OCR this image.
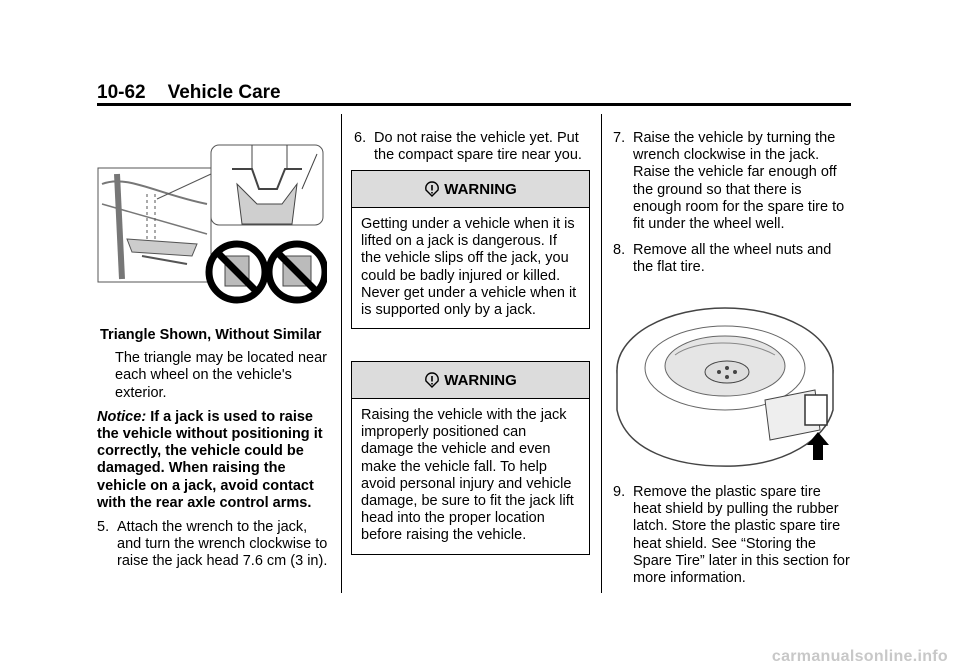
10-62 Vehicle Care
Triangle Shown, Without Similar
The triangle may be located near each wheel on the vehicle's exterior.
Notice: If a jack is used to raise the vehicle without positioning it correctly, the vehicle could be damaged. When raising the vehicle on a jack, avoid contact with the rear axle control arms.
5. Attach the wrench to the jack, and turn the wrench clockwise to raise the jack head 7.6 cm (3 in).
6. Do not raise the vehicle yet. Put the compact spare tire near you.
WARNING
Getting under a vehicle when it is lifted on a jack is dangerous. If the vehicle slips off the jack, you could be badly injured or killed. Never get under a vehicle when it is supported only by a jack.
WARNING
Raising the vehicle with the jack improperly positioned can damage the vehicle and even make the vehicle fall. To help avoid personal injury and vehicle damage, be sure to fit the jack lift head into the proper location before raising the vehicle.
7. Raise the vehicle by turning the wrench clockwise in the jack. Raise the vehicle far enough off the ground so that there is enough room for the spare tire to fit under the wheel well.
8. Remove all the wheel nuts and the flat tire.
9. Remove the plastic spare tire heat shield by pulling the rubber latch. Store the plastic spare tire heat shield. See “Storing the Spare Tire” later in this section for more information.
carmanualsonline.info
